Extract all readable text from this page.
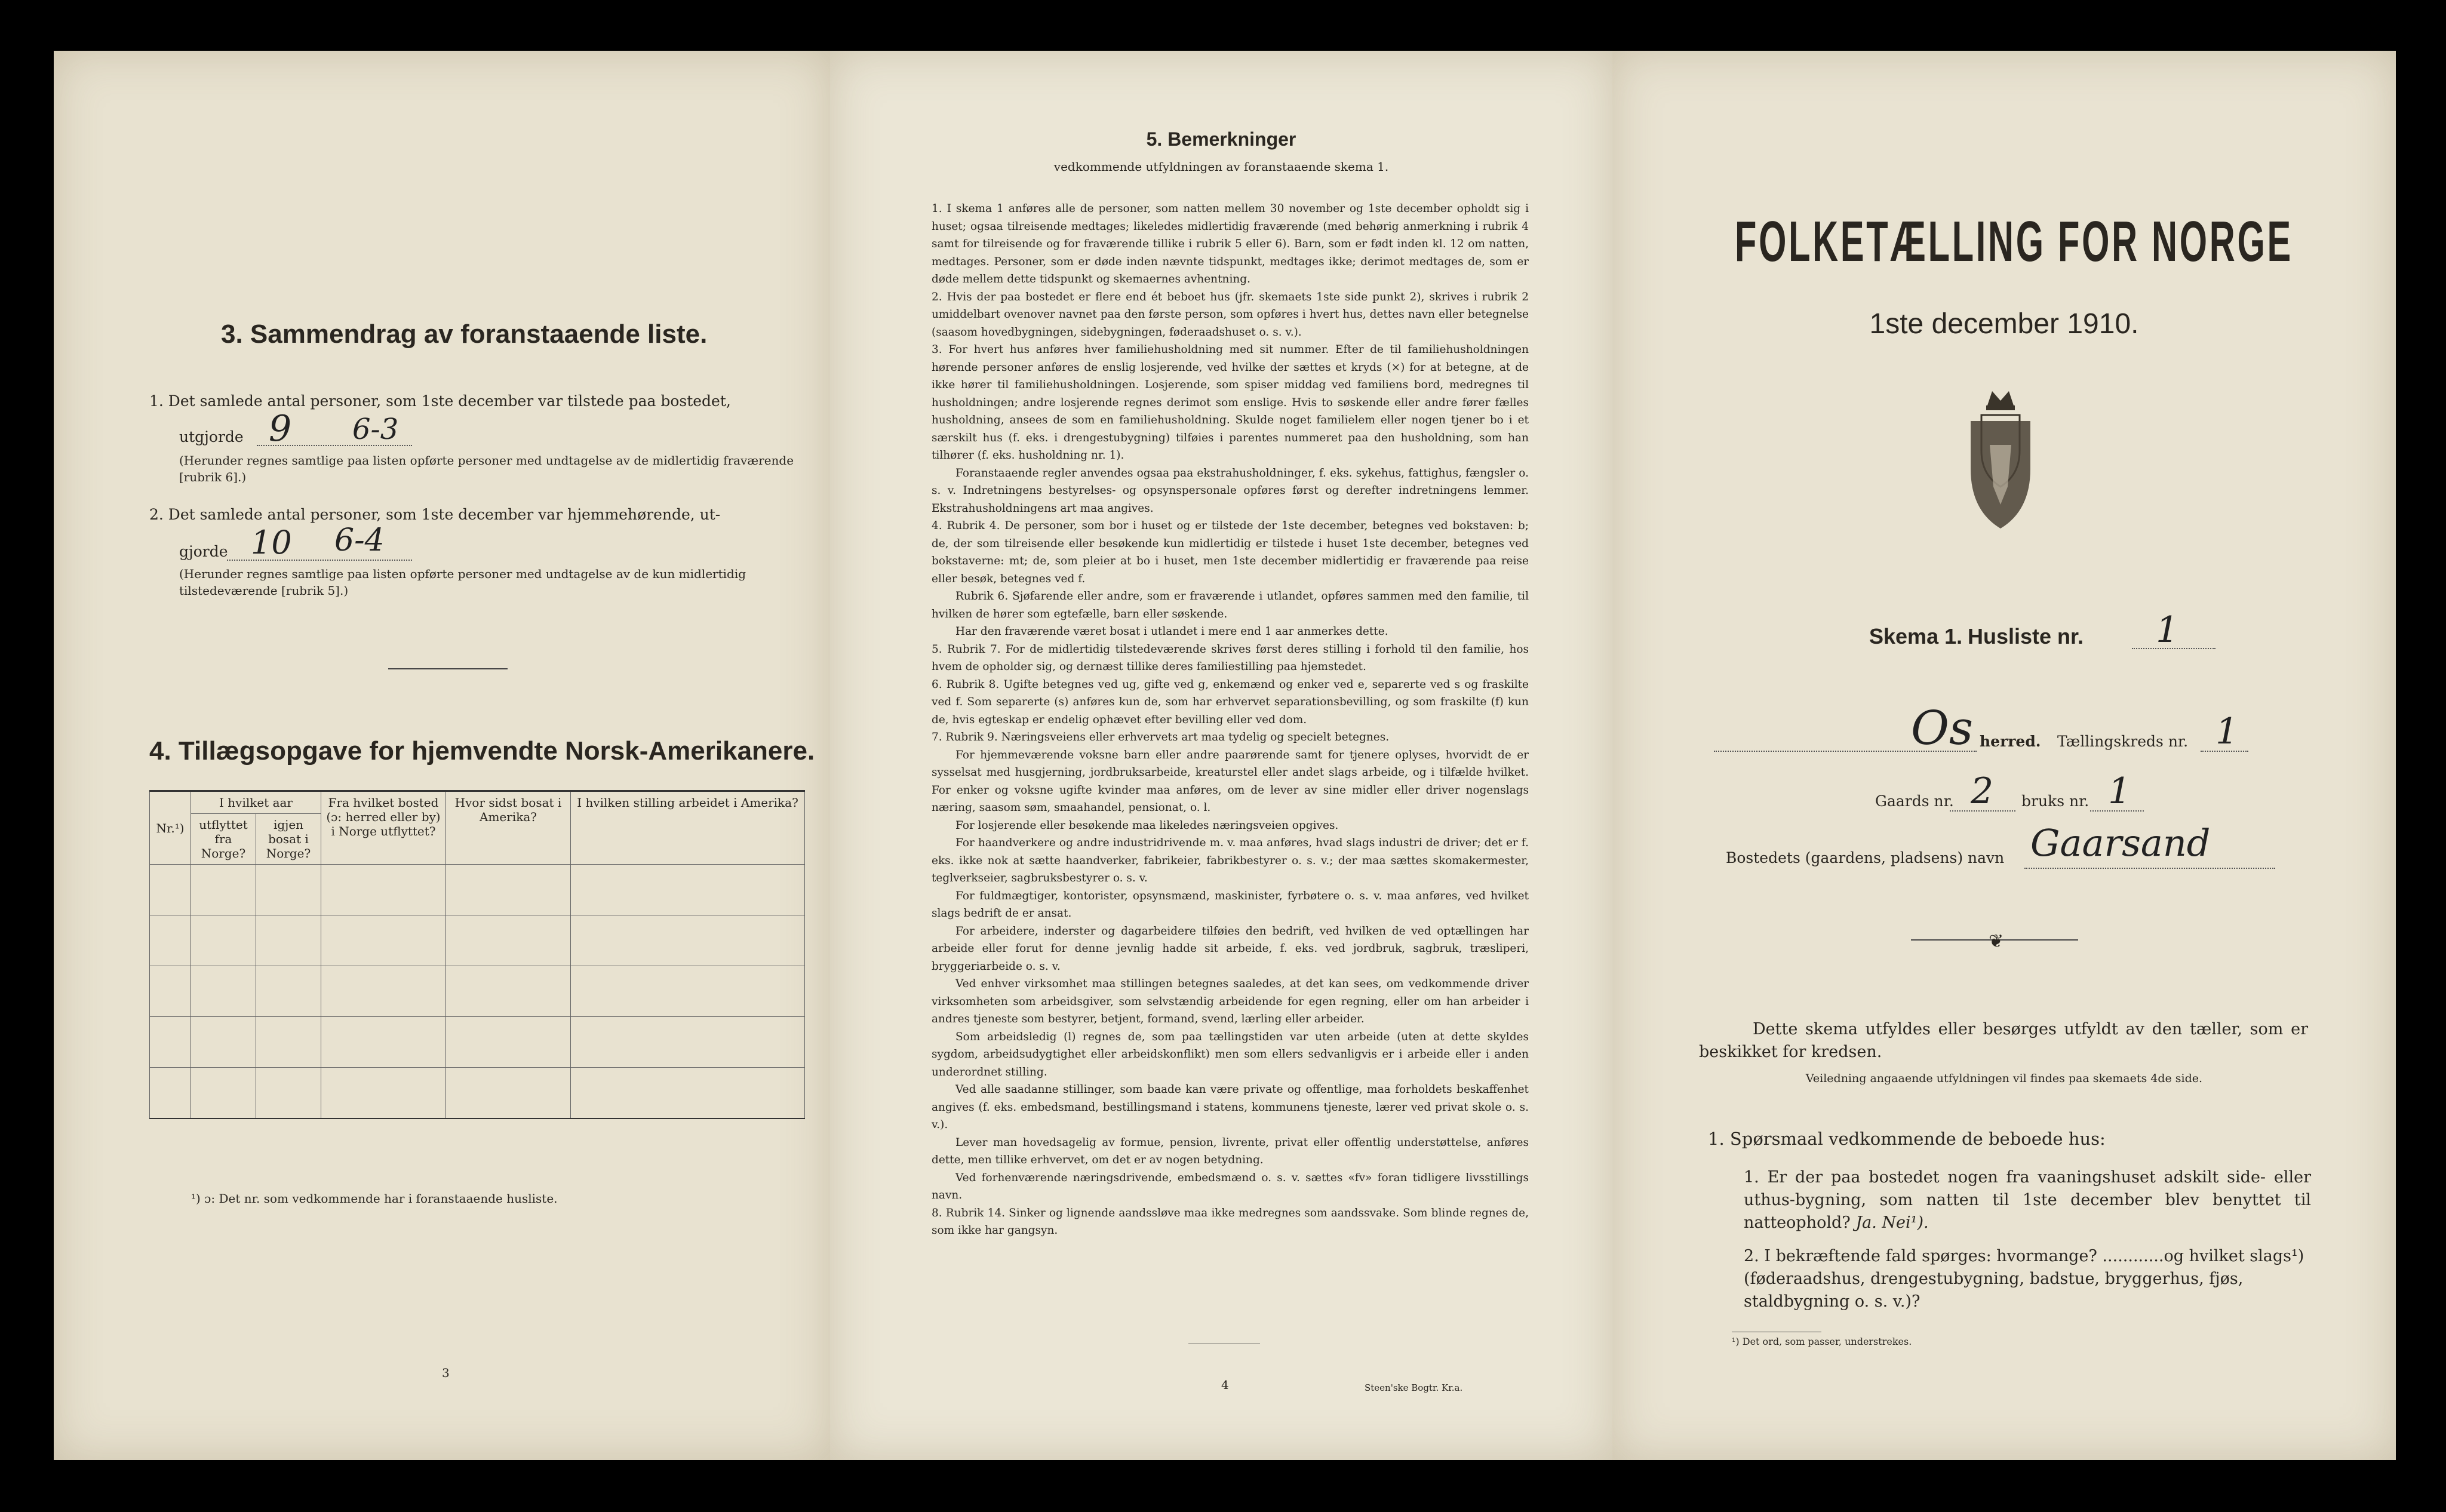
3. Sammendrag av foranstaaende liste.
1. Det samlede antal personer, som 1ste december var tilstede paa bostedet,
utgjorde 9 6-3
(Herunder regnes samtlige paa listen opførte personer med undtagelse av de midlertidig fraværende [rubrik 6].)
2. Det samlede antal personer, som 1ste december var hjemmehørende, ut-
gjorde 10 6-4
(Herunder regnes samtlige paa listen opførte personer med undtagelse av de kun midlertidig tilstedeværende [rubrik 5].)
4. Tillægsopgave for hjemvendte Norsk-Amerikanere.
Nr.¹)	I hvilket aar		Fra hvilket bosted (ɔ: herred eller by) i Norge utflyttet?	Hvor sidst bosat i Amerika?	I hvilken stilling arbeidet i Amerika?
	utflyttet fra Norge?	igjen bosat i Norge?			

¹) ɔ: Det nr. som vedkommende har i foranstaaende husliste.
3
5. Bemerkninger
vedkommende utfyldningen av foranstaaende skema 1.

1. I skema 1 anføres alle de personer, som natten mellem 30 november og 1ste december opholdt sig i huset; ogsaa tilreisende medtages; likeledes midlertidig fraværende (med behørig anmerkning i rubrik 4 samt for tilreisende og for fraværende tillike i rubrik 5 eller 6). Barn, som er født inden kl. 12 om natten, medtages. Personer, som er døde inden nævnte tidspunkt, medtages ikke; derimot medtages de, som er døde mellem dette tidspunkt og skemaernes avhentning.

2. Hvis der paa bostedet er flere end ét beboet hus (jfr. skemaets 1ste side punkt 2), skrives i rubrik 2 umiddelbart ovenover navnet paa den første person, som opføres i hvert hus, dettes navn eller betegnelse (saasom hovedbygningen, sidebygningen, føderaadshuset o. s. v.).

3. For hvert hus anføres hver familiehusholdning med sit nummer. Efter de til familiehusholdningen hørende personer anføres de enslig losjerende, ved hvilke der sættes et kryds (×) for at betegne, at de ikke hører til familiehusholdningen. Losjerende, som spiser middag ved familiens bord, medregnes til husholdningen; andre losjerende regnes derimot som enslige. Hvis to søskende eller andre fører fælles husholdning, ansees de som en familiehusholdning. Skulde noget familielem eller nogen tjener bo i et særskilt hus (f. eks. i drengestubygning) tilføies i parentes nummeret paa den husholdning, som han tilhører (f. eks. husholdning nr. 1).

Foranstaaende regler anvendes ogsaa paa ekstrahusholdninger, f. eks. sykehus, fattighus, fængsler o. s. v. Indretningens bestyrelses- og opsynspersonale opføres først og derefter indretningens lemmer. Ekstrahusholdningens art maa angives.

4. Rubrik 4. De personer, som bor i huset og er tilstede der 1ste december, betegnes ved bokstaven: b; de, der som tilreisende eller besøkende kun midlertidig er tilstede i huset 1ste december, betegnes ved bokstaverne: mt; de, som pleier at bo i huset, men 1ste december midlertidig er fraværende paa reise eller besøk, betegnes ved f.

Rubrik 6. Sjøfarende eller andre, som er fraværende i utlandet, opføres sammen med den familie, til hvilken de hører som egtefælle, barn eller søskende.

Har den fraværende været bosat i utlandet i mere end 1 aar anmerkes dette.

5. Rubrik 7. For de midlertidig tilstedeværende skrives først deres stilling i forhold til den familie, hos hvem de opholder sig, og dernæst tillike deres familiestilling paa hjemstedet.

6. Rubrik 8. Ugifte betegnes ved ug, gifte ved g, enkemænd og enker ved e, separerte ved s og fraskilte ved f. Som separerte (s) anføres kun de, som har erhvervet separationsbevilling, og som fraskilte (f) kun de, hvis egteskap er endelig ophævet efter bevilling eller ved dom.

7. Rubrik 9. Næringsveiens eller erhvervets art maa tydelig og specielt betegnes.

For hjemmeværende voksne barn eller andre paarørende samt for tjenere oplyses, hvorvidt de er sysselsat med husgjerning, jordbruksarbeide, kreaturstel eller andet slags arbeide, og i tilfælde hvilket. For enker og voksne ugifte kvinder maa anføres, om de lever av sine midler eller driver nogenslags næring, saasom søm, smaahandel, pensionat, o. l.

For losjerende eller besøkende maa likeledes næringsveien opgives.

For haandverkere og andre industridrivende m. v. maa anføres, hvad slags industri de driver; det er f. eks. ikke nok at sætte haandverker, fabrikeier, fabrikbestyrer o. s. v.; der maa sættes skomakermester, teglverkseier, sagbruksbestyrer o. s. v.

For fuldmægtiger, kontorister, opsynsmænd, maskinister, fyrbøtere o. s. v. maa anføres, ved hvilket slags bedrift de er ansat.

For arbeidere, inderster og dagarbeidere tilføies den bedrift, ved hvilken de ved optællingen har arbeide eller forut for denne jevnlig hadde sit arbeide, f. eks. ved jordbruk, sagbruk, træsliperi, bryggeriarbeide o. s. v.

Ved enhver virksomhet maa stillingen betegnes saaledes, at det kan sees, om vedkommende driver virksomheten som arbeidsgiver, som selvstændig arbeidende for egen regning, eller om han arbeider i andres tjeneste som bestyrer, betjent, formand, svend, lærling eller arbeider.

Som arbeidsledig (l) regnes de, som paa tællingstiden var uten arbeide (uten at dette skyldes sygdom, arbeidsudygtighet eller arbeidskonflikt) men som ellers sedvanligvis er i arbeide eller i anden underordnet stilling.

Ved alle saadanne stillinger, som baade kan være private og offentlige, maa forholdets beskaffenhet angives (f. eks. embedsmand, bestillingsmand i statens, kommunens tjeneste, lærer ved privat skole o. s. v.).

Lever man hovedsagelig av formue, pension, livrente, privat eller offentlig understøttelse, anføres dette, men tillike erhvervet, om det er av nogen betydning.

Ved forhenværende næringsdrivende, embedsmænd o. s. v. sættes «fv» foran tidligere livsstillings navn.

8. Rubrik 14. Sinker og lignende aandssløve maa ikke medregnes som aandssvake. Som blinde regnes de, som ikke har gangsyn.

4	Steen'ske Bogtr. Kr.a.
FOLKETÆLLING FOR NORGE
1ste december 1910.
Skema 1. Husliste nr. 1
Os herred. Tællingskreds nr. 1
Gaards nr. 2 bruks nr. 1
Bostedets (gaardens, pladsens) navn Gaarsand
❦
Dette skema utfyldes eller besørges utfyldt av den tæller, som er beskikket for kredsen.
Veiledning angaaende utfyldningen vil findes paa skemaets 4de side.
1. Spørsmaal vedkommende de beboede hus:
1. Er der paa bostedet nogen fra vaaningshuset adskilt side- eller uthus-bygning, som natten til 1ste december blev benyttet til natteophold? Ja. Nei¹).
2. I bekræftende fald spørges: hvormange? ............og hvilket slags¹) (føderaadshus, drengestubygning, badstue, bryggerhus, fjøs, staldbygning o. s. v.)?
¹) Det ord, som passer, understrekes.
